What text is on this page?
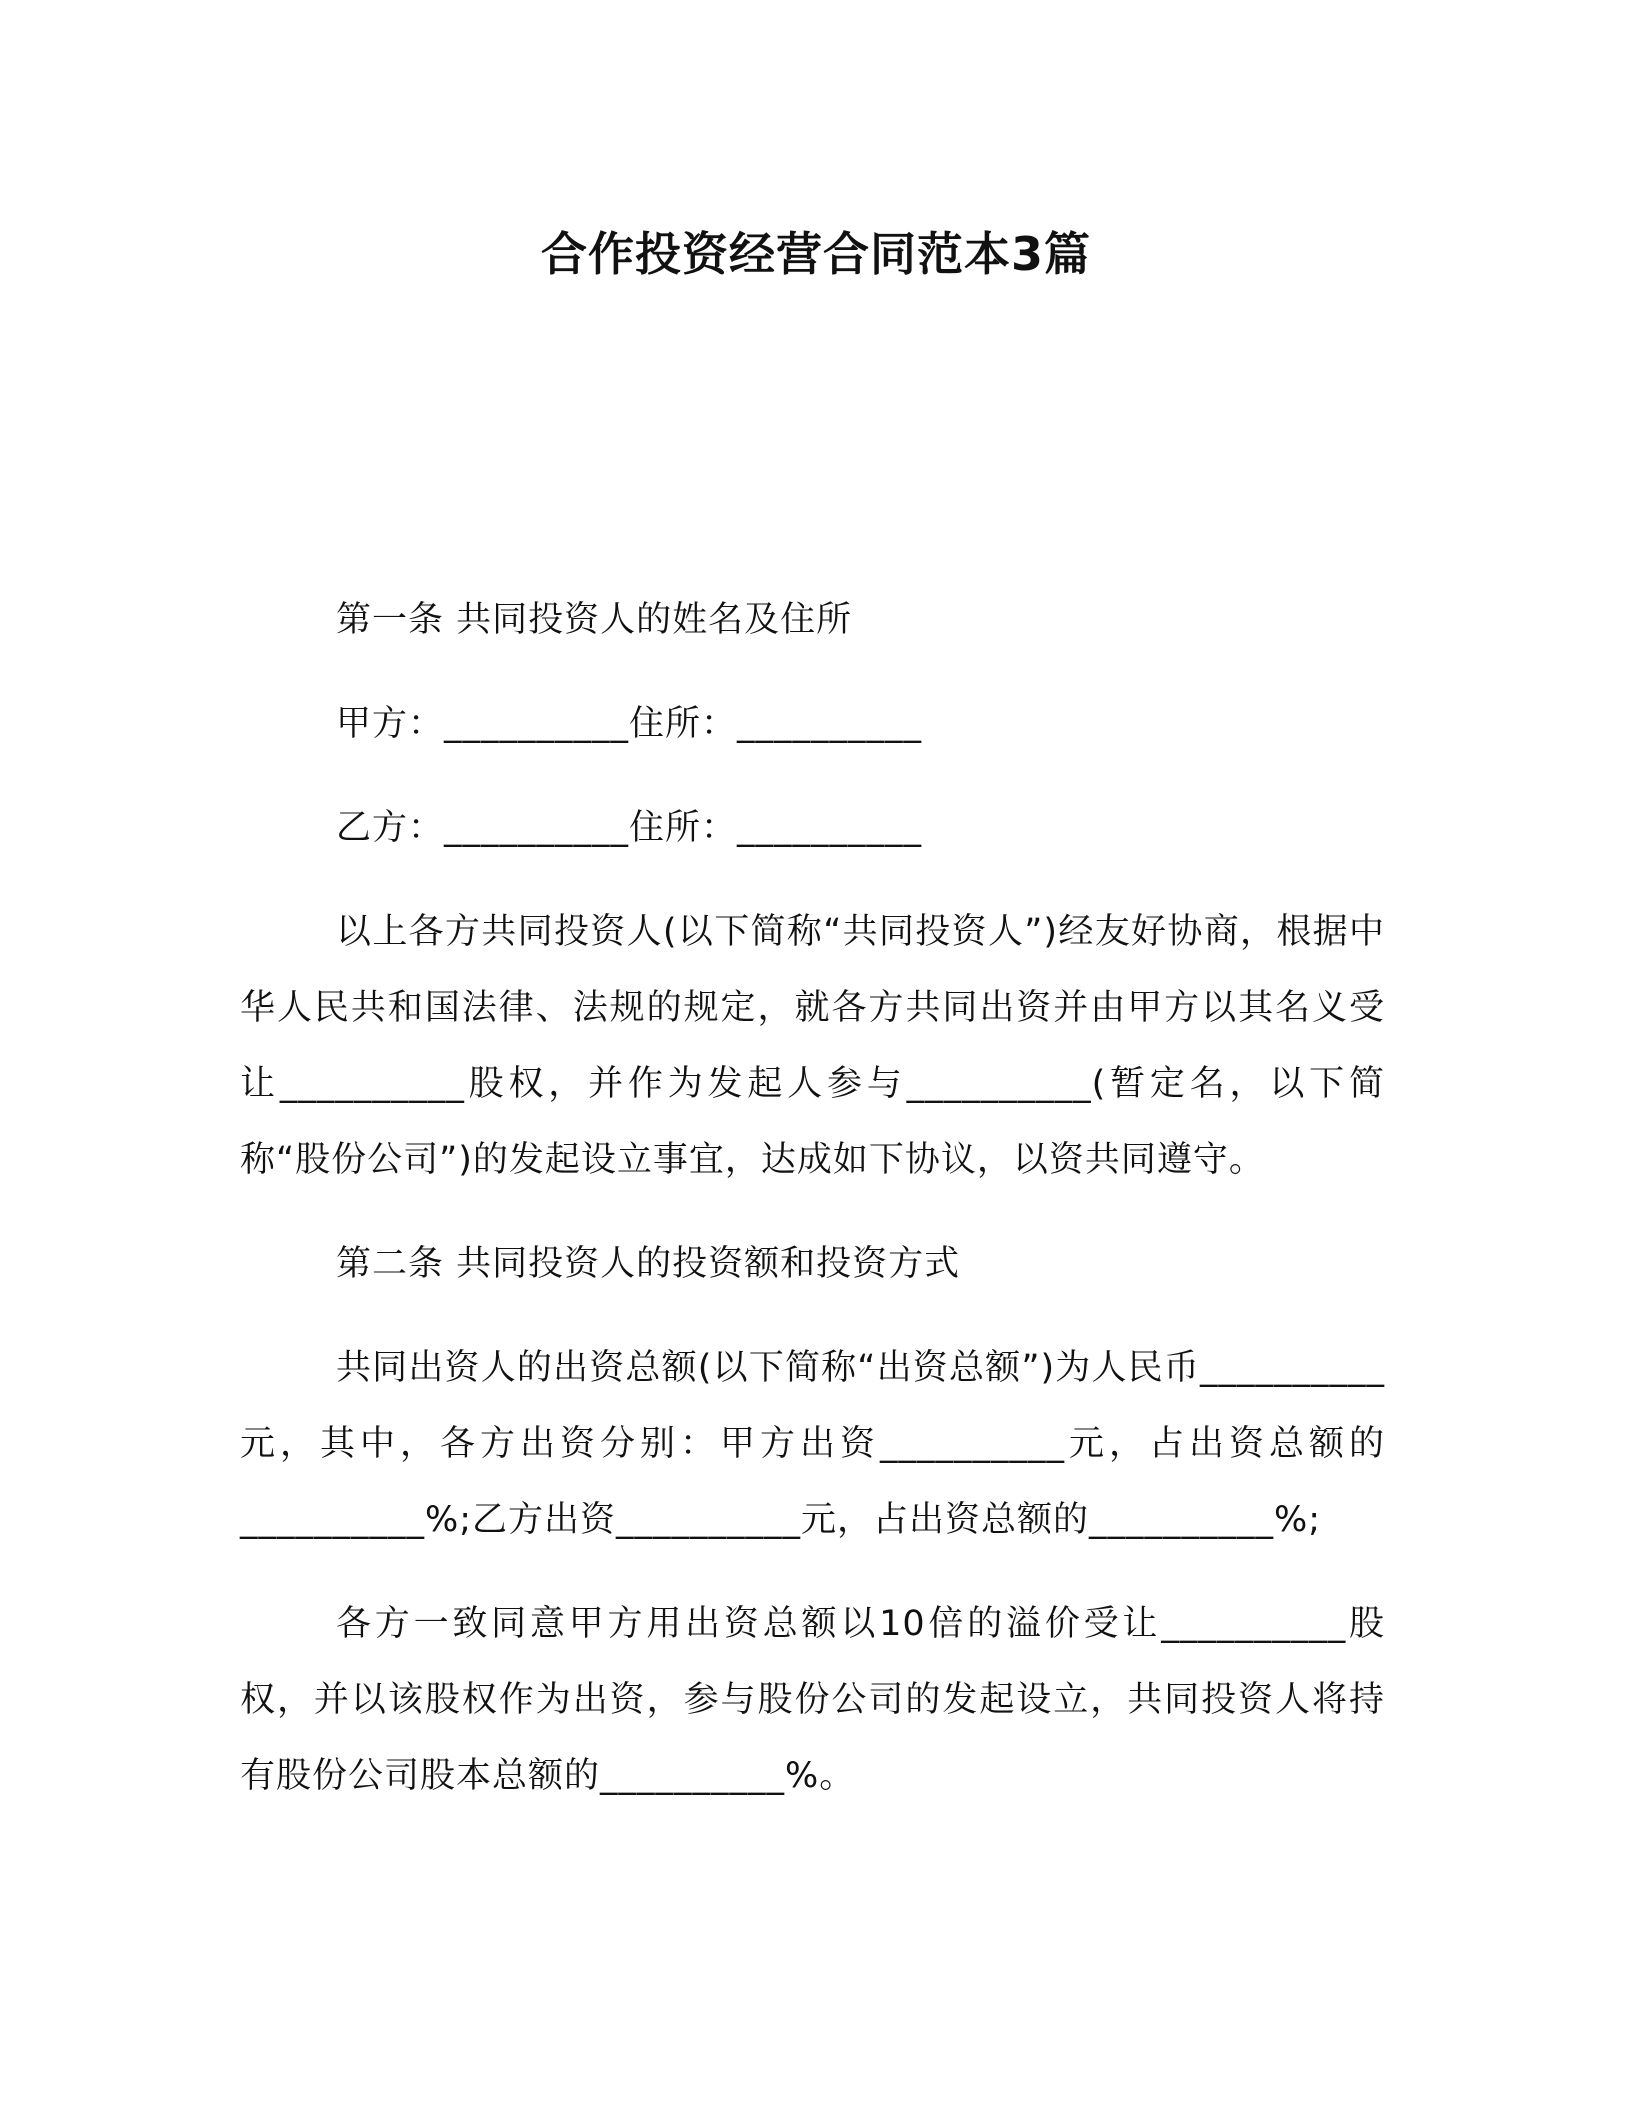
合作投资经营合同范本3篇

第一条 共同投资人的姓名及住所

甲方：__________住所：__________

乙方：__________住所：__________

以上各方共同投资人(以下简称“共同投资人”)经友好协商，根据中华人民共和国法律、法规的规定，就各方共同出资并由甲方以其名义受让__________股权，并作为发起人参与__________(暂定名，以下简称“股份公司”)的发起设立事宜，达成如下协议，以资共同遵守。

第二条 共同投资人的投资额和投资方式

共同出资人的出资总额(以下简称“出资总额”)为人民币__________元，其中，各方出资分别：甲方出资__________元，占出资总额的__________%;乙方出资__________元，占出资总额的__________%;

各方一致同意甲方用出资总额以10倍的溢价受让__________股权，并以该股权作为出资，参与股份公司的发起设立，共同投资人将持有股份公司股本总额的__________%。
